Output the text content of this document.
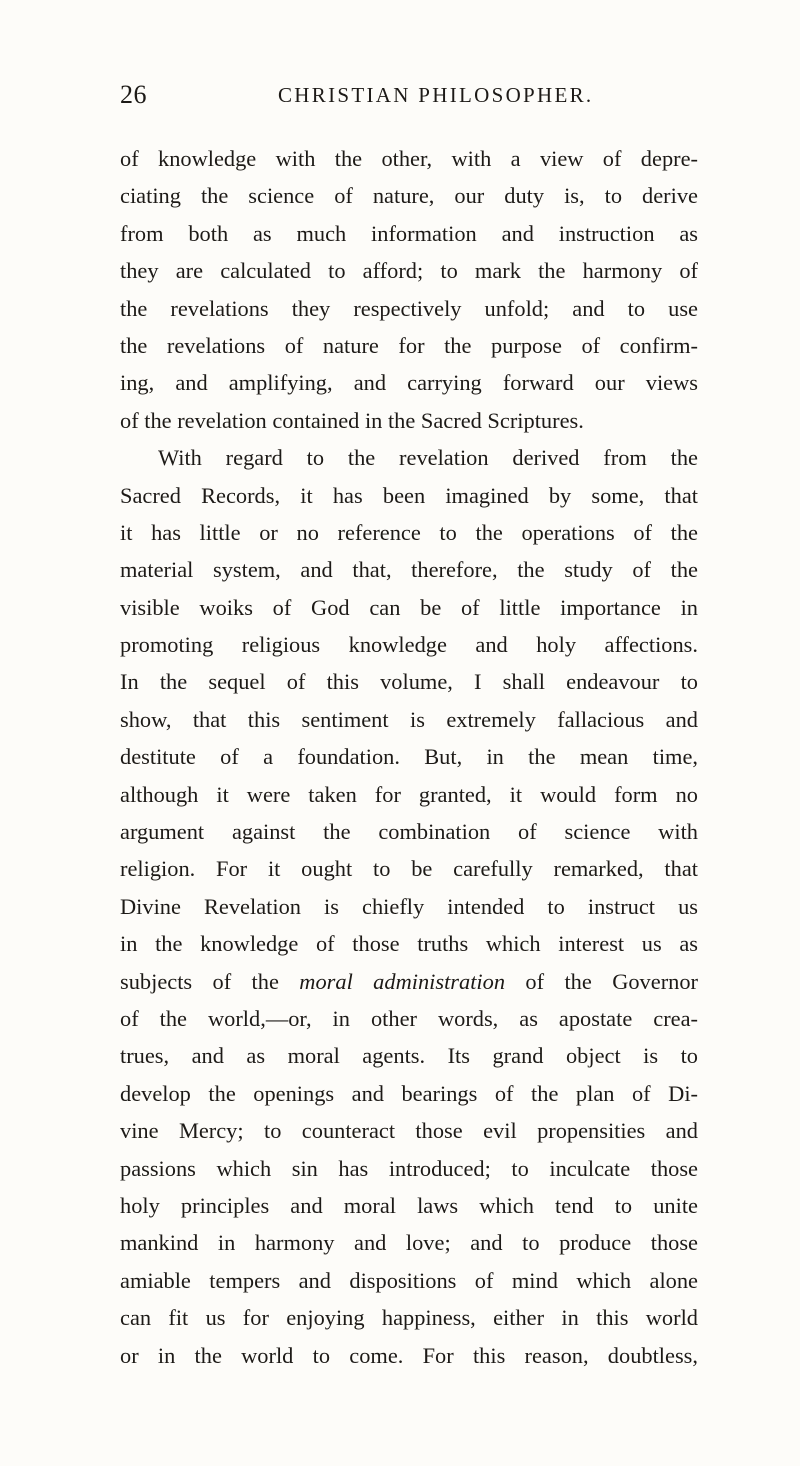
26	CHRISTIAN PHILOSOPHER.
of knowledge with the other, with a view of depre-
ciating the science of nature, our duty is, to derive
from both as much information and instruction as
they are calculated to afford; to mark the harmony of
the revelations they respectively unfold; and to use
the revelations of nature for the purpose of confirm-
ing, and amplifying, and carrying forward our views
of the revelation contained in the Sacred Scriptures.
With regard to the revelation derived from the
Sacred Records, it has been imagined by some, that
it has little or no reference to the operations of the
material system, and that, therefore, the study of the
visible woiks of God can be of little importance in
promoting religious knowledge and holy affections.
In the sequel of this volume, I shall endeavour to
show, that this sentiment is extremely fallacious and
destitute of a foundation. But, in the mean time,
although it were taken for granted, it would form no
argument against the combination of science with
religion. For it ought to be carefully remarked, that
Divine Revelation is chiefly intended to instruct us
in the knowledge of those truths which interest us as
subjects of the moral administration of the Governor
of the world,—or, in other words, as apostate crea-
trues, and as moral agents. Its grand object is to
develop the openings and bearings of the plan of Di-
vine Mercy; to counteract those evil propensities and
passions which sin has introduced; to inculcate those
holy principles and moral laws which tend to unite
mankind in harmony and love; and to produce those
amiable tempers and dispositions of mind which alone
can fit us for enjoying happiness, either in this world
or in the world to come. For this reason, doubtless,
